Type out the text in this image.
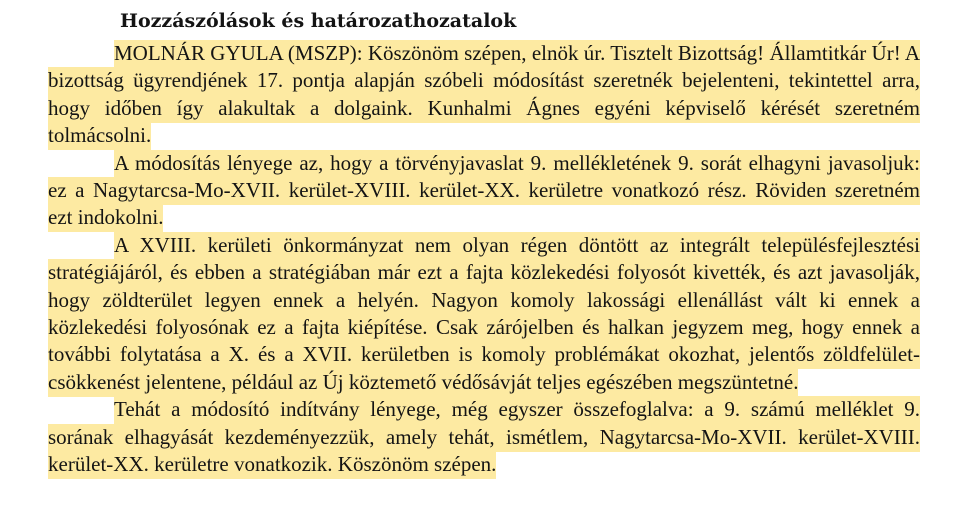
Hozzászólások és határozathozatalok

MOLNÁR GYULA (MSZP): Köszönöm szépen, elnök úr. Tisztelt Bizottság! Államtitkár Úr! A bizottság ügyrendjének 17. pontja alapján szóbeli módosítást szeretnék bejelenteni, tekintettel arra, hogy időben így alakultak a dolgaink. Kunhalmi Ágnes egyéni képviselő kérését szeretném tolmácsolni.

A módosítás lényege az, hogy a törvényjavaslat 9. mellékletének 9. sorát elhagyni javasoljuk: ez a Nagytarcsa-Mo-XVII. kerület-XVIII. kerület-XX. kerületre vonatkozó rész. Röviden szeretném ezt indokolni.

A XVIII. kerületi önkormányzat nem olyan régen döntött az integrált településfejlesztési stratégiájáról, és ebben a stratégiában már ezt a fajta közlekedési folyosót kivették, és azt javasolják, hogy zöldterület legyen ennek a helyén. Nagyon komoly lakossági ellenállást vált ki ennek a közlekedési folyosónak ez a fajta kiépítése. Csak zárójelben és halkan jegyzem meg, hogy ennek a további folytatása a X. és a XVII. kerületben is komoly problémákat okozhat, jelentős zöldfelület-csökkenést jelentene, például az Új köztemető védősávját teljes egészében megszüntetné.

Tehát a módosító indítvány lényege, még egyszer összefoglalva: a 9. számú melléklet 9. sorának elhagyását kezdeményezzük, amely tehát, ismétlem, Nagytarcsa-Mo-XVII. kerület-XVIII. kerület-XX. kerületre vonatkozik. Köszönöm szépen.
